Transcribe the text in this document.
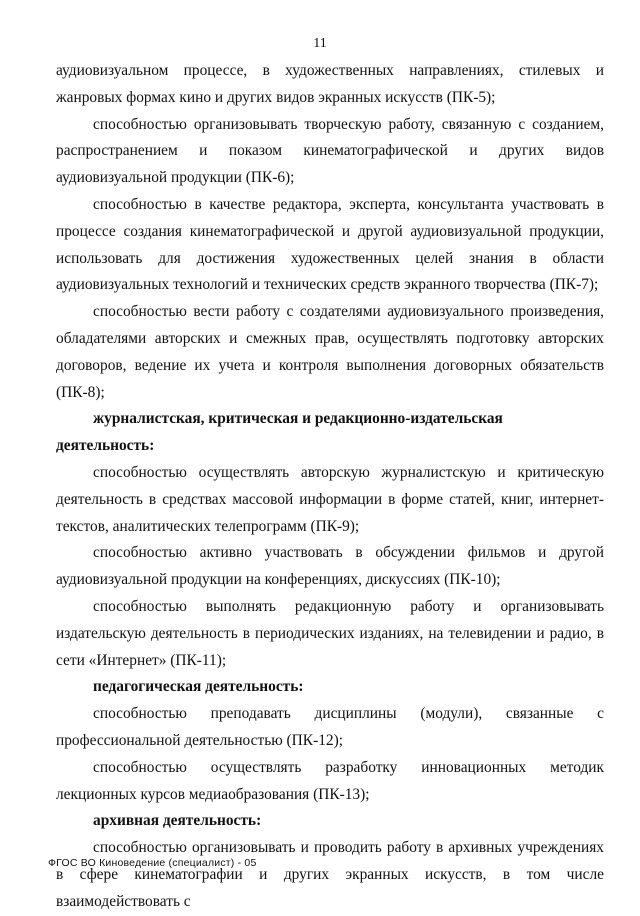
11

аудиовизуальном процессе, в художественных направлениях, стилевых и жанровых формах кино и других видов экранных искусств (ПК-5);

способностью организовывать творческую работу, связанную с созданием, распространением и показом кинематографической и других видов аудиовизуальной продукции (ПК-6);

способностью в качестве редактора, эксперта, консультанта участвовать в процессе создания кинематографической и другой аудиовизуальной продукции, использовать для достижения художественных целей знания в области аудиовизуальных технологий и технических средств экранного творчества (ПК-7);

способностью вести работу с создателями аудиовизуального произведения, обладателями авторских и смежных прав, осуществлять подготовку авторских договоров, ведение их учета и контроля выполнения договорных обязательств (ПК-8);

журналистская, критическая и редакционно-издательская деятельность:

способностью осуществлять авторскую журналистскую и критическую деятельность в средствах массовой информации в форме статей, книг, интернет-текстов, аналитических телепрограмм (ПК-9);

способностью активно участвовать в обсуждении фильмов и другой аудиовизуальной продукции на конференциях, дискуссиях (ПК-10);

способностью выполнять редакционную работу и организовывать издательскую деятельность в периодических изданиях, на телевидении и радио, в сети «Интернет» (ПК-11);

педагогическая деятельность:

способностью преподавать дисциплины (модули), связанные с профессиональной деятельностью (ПК-12);

способностью осуществлять разработку инновационных методик лекционных курсов медиаобразования (ПК-13);

архивная деятельность:

способностью организовывать и проводить работу в архивных учреждениях в сфере кинематографии и других экранных искусств, в том числе взаимодействовать с

ФГОС ВО Киноведение (специалист) - 05
